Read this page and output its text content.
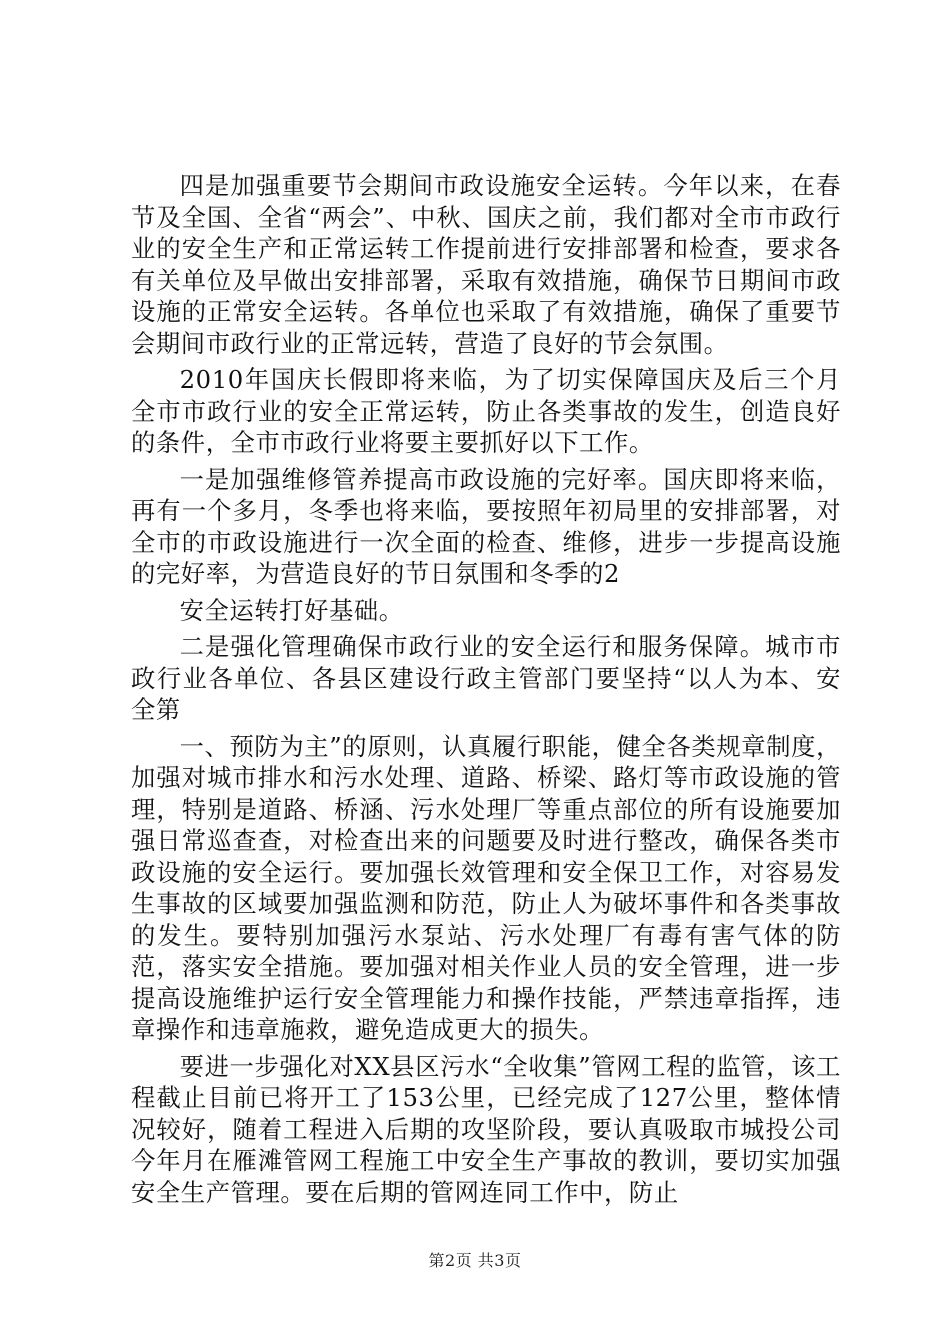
四是加强重要节会期间市政设施安全运转。今年以来，在春节及全国、全省“两会”、中秋、国庆之前，我们都对全市市政行业的安全生产和正常运转工作提前进行安排部署和检查，要求各有关单位及早做出安排部署，采取有效措施，确保节日期间市政设施的正常安全运转。各单位也采取了有效措施，确保了重要节会期间市政行业的正常远转，营造了良好的节会氛围。

2010年国庆长假即将来临，为了切实保障国庆及后三个月全市市政行业的安全正常运转，防止各类事故的发生，创造良好的条件，全市市政行业将要主要抓好以下工作。

一是加强维修管养提高市政设施的完好率。国庆即将来临，再有一个多月，冬季也将来临，要按照年初局里的安排部署，对全市的市政设施进行一次全面的检查、维修，进步一步提高设施的完好率，为营造良好的节日氛围和冬季的2

安全运转打好基础。

二是强化管理确保市政行业的安全运行和服务保障。城市市政行业各单位、各县区建设行政主管部门要坚持“以人为本、安全第

一、预防为主”的原则，认真履行职能，健全各类规章制度，加强对城市排水和污水处理、道路、桥梁、路灯等市政设施的管理，特别是道路、桥涵、污水处理厂等重点部位的所有设施要加强日常巡查查，对检查出来的问题要及时进行整改，确保各类市政设施的安全运行。要加强长效管理和安全保卫工作，对容易发生事故的区域要加强监测和防范，防止人为破坏事件和各类事故的发生。要特别加强污水泵站、污水处理厂有毒有害气体的防范，落实安全措施。要加强对相关作业人员的安全管理，进一步提高设施维护运行安全管理能力和操作技能，严禁违章指挥，违章操作和违章施救，避免造成更大的损失。

要进一步强化对XX县区污水“全收集”管网工程的监管，该工程截止目前已将开工了153公里，已经完成了127公里，整体情况较好，随着工程进入后期的攻坚阶段，要认真吸取市城投公司今年月在雁滩管网工程施工中安全生产事故的教训，要切实加强安全生产管理。要在后期的管网连同工作中，防止

第2页 共3页
